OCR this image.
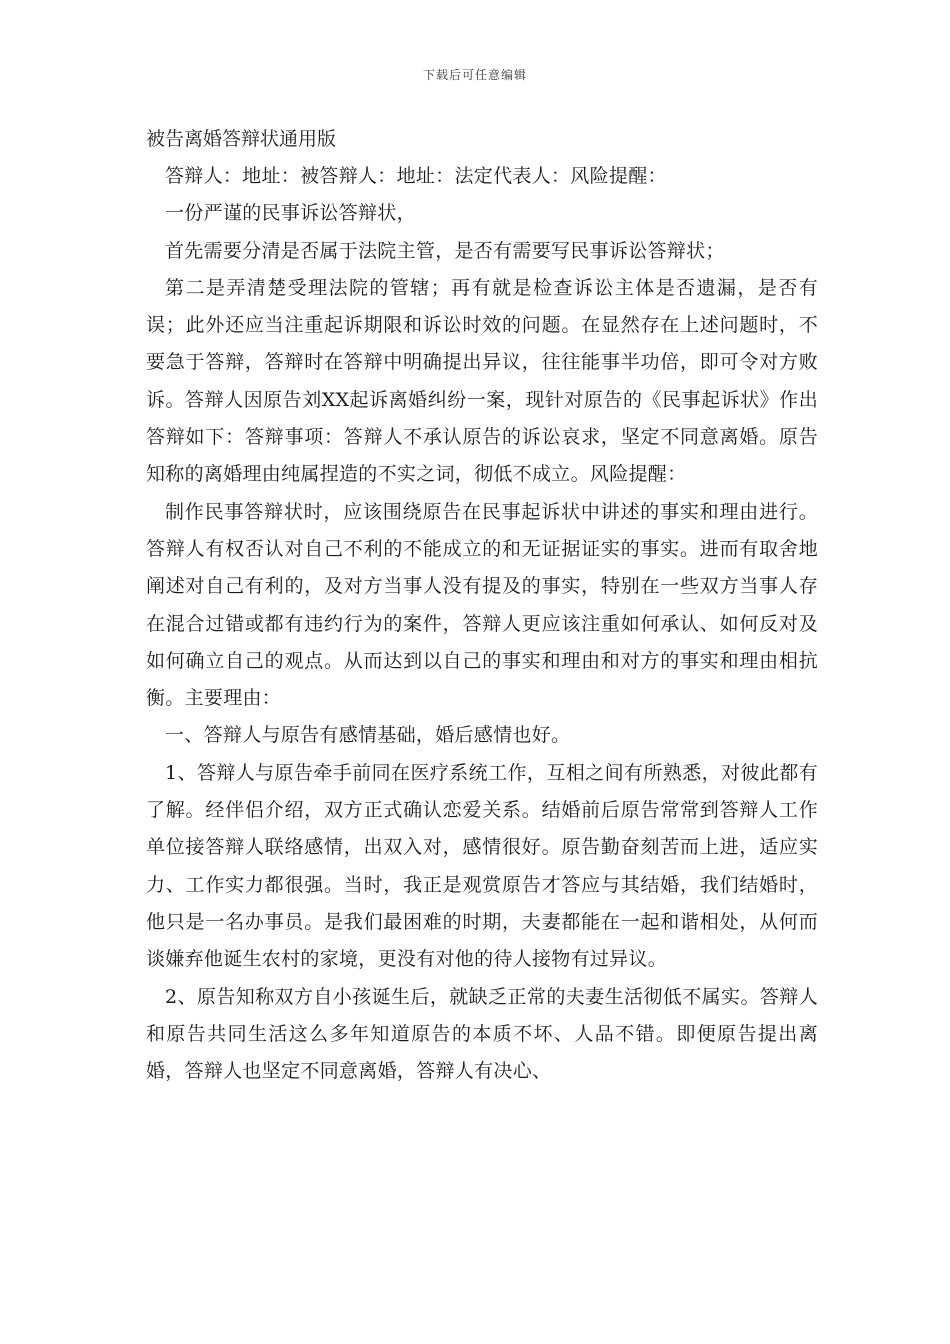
下载后可任意编辑
被告离婚答辩状通用版

答辩人：地址：被答辩人：地址：法定代表人：风险提醒：

一份严谨的民事诉讼答辩状，

首先需要分清是否属于法院主管，是否有需要写民事诉讼答辩状；

第二是弄清楚受理法院的管辖；再有就是检查诉讼主体是否遗漏，是否有误；此外还应当注重起诉期限和诉讼时效的问题。在显然存在上述问题时，不要急于答辩，答辩时在答辩中明确提出异议，往往能事半功倍，即可令对方败诉。答辩人因原告刘XX起诉离婚纠纷一案，现针对原告的《民事起诉状》作出答辩如下：答辩事项：答辩人不承认原告的诉讼哀求，坚定不同意离婚。原告知称的离婚理由纯属捏造的不实之词，彻低不成立。风险提醒：

制作民事答辩状时，应该围绕原告在民事起诉状中讲述的事实和理由进行。答辩人有权否认对自己不利的不能成立的和无证据证实的事实。进而有取舍地阐述对自己有利的，及对方当事人没有提及的事实，特别在一些双方当事人存在混合过错或都有违约行为的案件，答辩人更应该注重如何承认、如何反对及如何确立自己的观点。从而达到以自己的事实和理由和对方的事实和理由相抗衡。主要理由：

一、答辩人与原告有感情基础，婚后感情也好。

1、答辩人与原告牵手前同在医疗系统工作，互相之间有所熟悉，对彼此都有了解。经伴侣介绍，双方正式确认恋爱关系。结婚前后原告常常到答辩人工作单位接答辩人联络感情，出双入对，感情很好。原告勤奋刻苦而上进，适应实力、工作实力都很强。当时，我正是观赏原告才答应与其结婚，我们结婚时，他只是一名办事员。是我们最困难的时期，夫妻都能在一起和谐相处，从何而谈嫌弃他诞生农村的家境，更没有对他的待人接物有过异议。

2、原告知称双方自小孩诞生后，就缺乏正常的夫妻生活彻低不属实。答辩人和原告共同生活这么多年知道原告的本质不坏、人品不错。即便原告提出离婚，答辩人也坚定不同意离婚，答辩人有决心、
